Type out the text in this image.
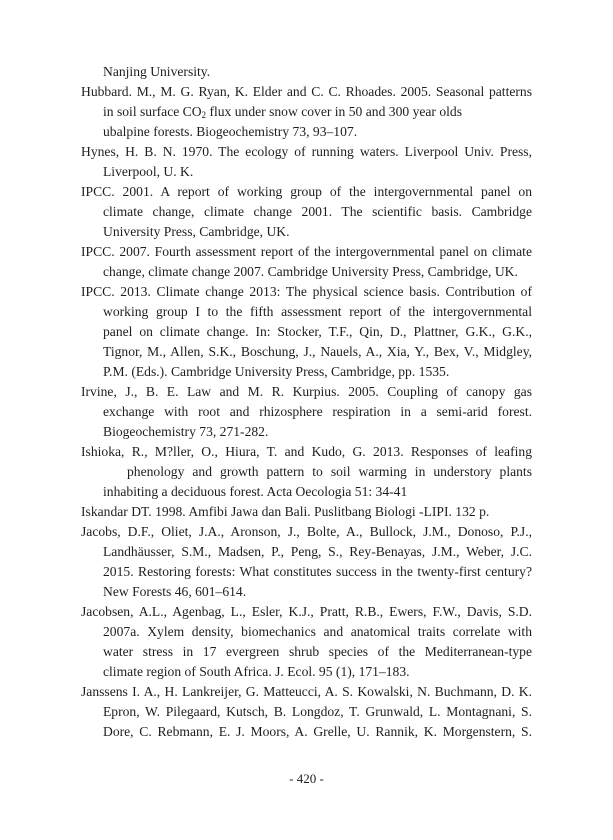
Nanjing University.
Hubbard. M., M. G. Ryan, K. Elder and C. C. Rhoades. 2005. Seasonal patterns
in soil surface $CO_2$ flux under snow cover in 50 and 300 year olds
ubalpine forests. Biogeochemistry 73, 93–107.
Hynes, H. B. N. 1970. The ecology of running waters. Liverpool Univ. Press,
Liverpool, U. K.
IPCC. 2001. A report of working group of the intergovernmental panel on
climate change, climate change 2001. The scientific basis. Cambridge
University Press, Cambridge, UK.
IPCC. 2007. Fourth assessment report of the intergovernmental panel on climate
change, climate change 2007. Cambridge University Press, Cambridge, UK.
IPCC. 2013. Climate change 2013: The physical science basis. Contribution of
working group I to the fifth assessment report of the intergovernmental
panel on climate change. In: Stocker, T.F., Qin, D., Plattner, G.K., G.K.,
Tignor, M., Allen, S.K., Boschung, J., Nauels, A., Xia, Y., Bex, V., Midgley,
P.M. (Eds.). Cambridge University Press, Cambridge, pp. 1535.
Irvine, J., B. E. Law and M. R. Kurpius. 2005. Coupling of canopy gas
exchange with root and rhizosphere respiration in a semi-arid forest.
Biogeochemistry 73, 271-282.
Ishioka, R., M?ller, O., Hiura, T. and Kudo, G. 2013. Responses of leafing
phenology and growth pattern to soil warming in understory plants
inhabiting a deciduous forest. Acta Oecologia 51: 34-41
Iskandar DT. 1998. Amfibi Jawa dan Bali. Puslitbang Biologi -LIPI. 132 p.
Jacobs, D.F., Oliet, J.A., Aronson, J., Bolte, A., Bullock, J.M., Donoso, P.J.,
Landhäusser, S.M., Madsen, P., Peng, S., Rey-Benayas, J.M., Weber, J.C.
2015. Restoring forests: What constitutes success in the twenty-first century?
New Forests 46, 601–614.
Jacobsen, A.L., Agenbag, L., Esler, K.J., Pratt, R.B., Ewers, F.W., Davis, S.D.
2007a. Xylem density, biomechanics and anatomical traits correlate with
water stress in 17 evergreen shrub species of the Mediterranean-type
climate region of South Africa. J. Ecol. 95 (1), 171–183.
Janssens I. A., H. Lankreijer, G. Matteucci, A. S. Kowalski, N. Buchmann, D. K.
Epron, W. Pilegaard, Kutsch, B. Longdoz, T. Grunwald, L. Montagnani, S.
Dore, C. Rebmann, E. J. Moors, A. Grelle, U. Rannik, K. Morgenstern, S.
- 420 -
